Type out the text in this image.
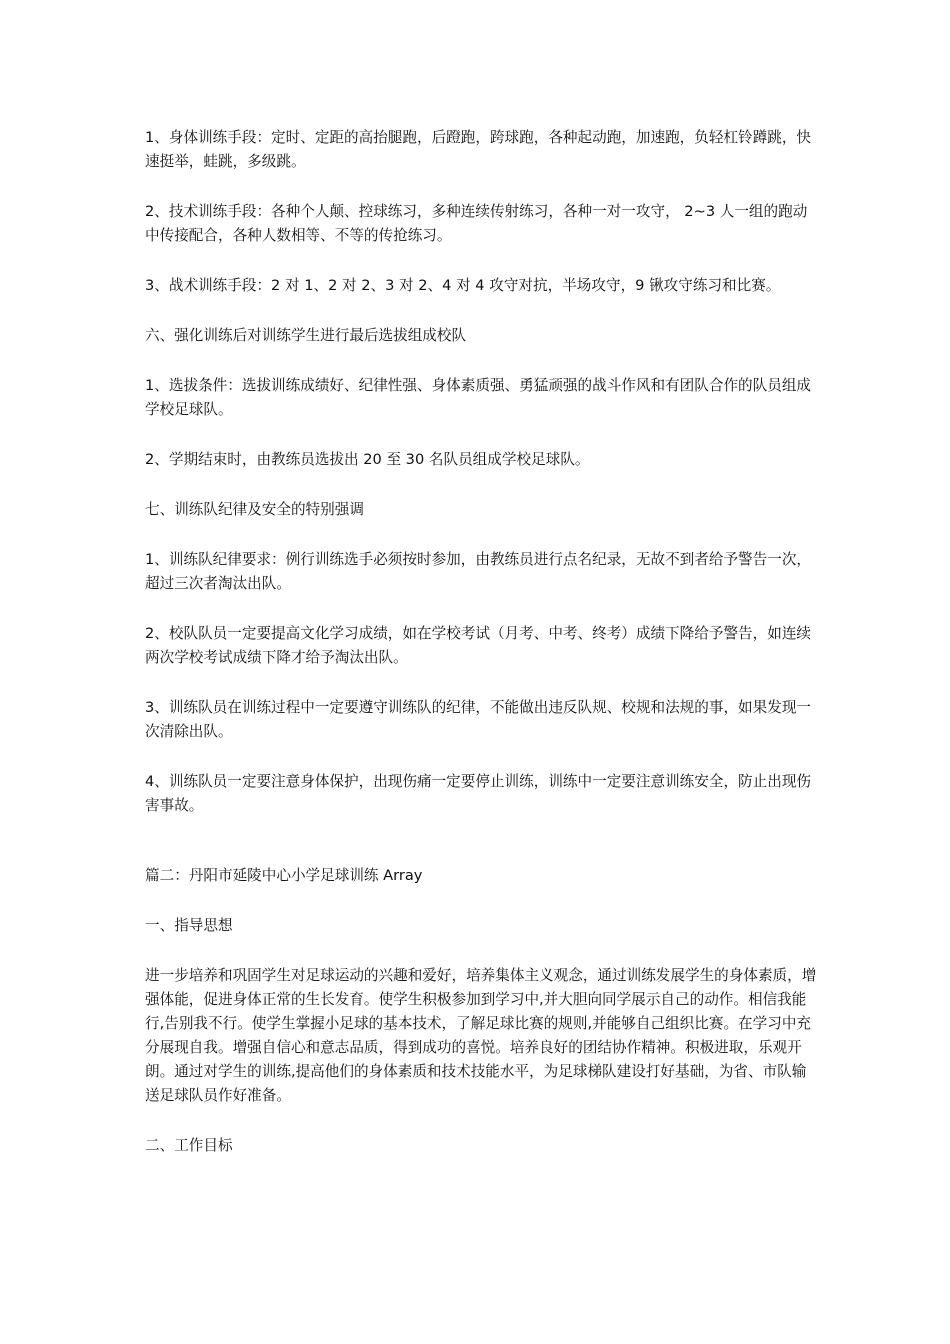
1、身体训练手段：定时、定距的高抬腿跑，后蹬跑，跨球跑，各种起动跑，加速跑，负轻杠铃蹲跳，快速挺举，蛙跳，多级跳。

2、技术训练手段：各种个人颠、控球练习，多种连续传射练习，各种一对一攻守， 2~3 人一组的跑动中传接配合，各种人数相等、不等的传抢练习。

3、战术训练手段：2 对 1、2 对 2、3 对 2、4 对 4 攻守对抗，半场攻守，9 锹攻守练习和比赛。

六、强化训练后对训练学生进行最后选拔组成校队

1、选拔条件：选拔训练成绩好、纪律性强、身体素质强、勇猛顽强的战斗作风和有团队合作的队员组成学校足球队。

2、学期结束时，由教练员选拔出 20 至 30 名队员组成学校足球队。

七、训练队纪律及安全的特别强调

1、训练队纪律要求：例行训练选手必须按时参加，由教练员进行点名纪录，无故不到者给予警告一次，超过三次者淘汰出队。

2、校队队员一定要提高文化学习成绩，如在学校考试（月考、中考、终考）成绩下降给予警告，如连续两次学校考试成绩下降才给予淘汰出队。

3、训练队员在训练过程中一定要遵守训练队的纪律，不能做出违反队规、校规和法规的事，如果发现一次清除出队。

4、训练队员一定要注意身体保护，出现伤痛一定要停止训练，训练中一定要注意训练安全，防止出现伤害事故。

篇二：丹阳市延陵中心小学足球训练 Array

一、指导思想

进一步培养和巩固学生对足球运动的兴趣和爱好，培养集体主义观念，通过训练发展学生的身体素质，增强体能，促进身体正常的生长发育。使学生积极参加到学习中,并大胆向同学展示自己的动作。相信我能行,告别我不行。使学生掌握小足球的基本技术，了解足球比赛的规则,并能够自己组织比赛。在学习中充分展现自我。增强自信心和意志品质，得到成功的喜悦。培养良好的团结协作精神。积极进取，乐观开朗。通过对学生的训练,提高他们的身体素质和技术技能水平，为足球梯队建设打好基础，为省、市队输送足球队员作好准备。

二、工作目标
